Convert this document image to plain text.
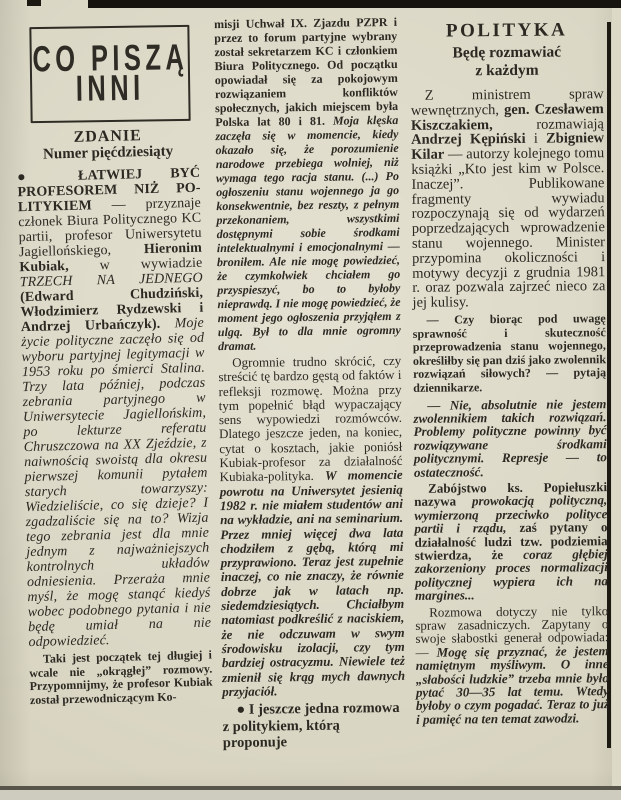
CO PISZĄ
INNI
ZDANIE
Numer pięćdziesiąty

● ŁATWIEJ BYĆ PROFESOREM NIŻ POLITYKIEM — przyznaje członek Biura Politycznego KC partii, profesor Uniwersytetu Jagiellońskiego, Hieronim Kubiak, w wywiadzie TRZECH NA JEDNEGO (Edward Chudziński, Włodzimierz Rydzewski i Andrzej Urbańczyk). Moje życie polityczne zaczęło się od wyboru partyjnej legitymacji w 1953 roku po śmierci Stalina. Trzy lata później, podczas zebrania partyjnego w Uniwersytecie Jagiellońskim, po lekturze referatu Chruszczowa na XX Zjeździe, z naiwnością swoistą dla okresu pierwszej komunii pytałem starych towarzyszy: Wiedzieliście, co się dzieje? I zgadzaliście się na to? Wizja tego zebrania jest dla mnie jednym z najważniejszych kontrolnych układów odniesienia. Przeraża mnie myśl, że mogę stanąć kiedyś wobec podobnego pytania i nie będę umiał na nie odpowiedzieć.

Taki jest początek tej długiej i wcale nie „okrągłej” rozmowy. Przypomnijmy, że profesor Kubiak został przewodniczącym Ko-

misji Uchwał IX. Zjazdu PZPR i przez to forum partyjne wybrany został sekretarzem KC i członkiem Biura Politycznego. Od początku opowiadał się za pokojowym rozwiązaniem konfliktów społecznych, jakich miejscem była Polska lat 80 i 81. Moja klęska zaczęła się w momencie, kiedy okazało się, że porozumienie narodowe przebiega wolniej, niż wymaga tego racja stanu. (...) Po ogłoszeniu stanu wojennego ja go konsekwentnie, bez reszty, z pełnym przekonaniem, wszystkimi dostępnymi sobie środkami intelektualnymi i emocjonalnymi — broniłem. Ale nie mogę powiedzieć, że czymkolwiek chciałem go przyspieszyć, bo to byłoby nieprawdą. I nie mogę powiedzieć, że moment jego ogłoszenia przyjąłem z ulgą. Był to dla mnie ogromny dramat.

Ogromnie trudno skrócić, czy streścić tę bardzo gęstą od faktów i refleksji rozmowę. Można przy tym popełnić błąd wypaczający sens wypowiedzi rozmówców. Dlatego jeszcze jeden, na koniec, cytat o kosztach, jakie poniósł Kubiak-profesor za działalność Kubiaka-polityka. W momencie powrotu na Uniwersytet jesienią 1982 r. nie miałem studentów ani na wykładzie, ani na seminarium. Przez mniej więcej dwa lata chodziłem z gębą, którą mi przyprawiono. Teraz jest zupełnie inaczej, co nie znaczy, że równie dobrze jak w latach np. siedemdziesiątych. Chciałbym natomiast podkreślić z naciskiem, że nie odczuwam w swym środowisku izolacji, czy tym bardziej ostracyzmu. Niewiele też zmienił się krąg mych dawnych przyjaciół.

● I jeszcze jedna rozmowa z politykiem, którą proponuje

POLITYKA
Będę rozmawiać
z każdym

Z ministrem spraw wewnętrznych, gen. Czesławem Kiszczakiem, rozmawiają Andrzej Kępiński i Zbigniew Kilar — autorzy kolejnego tomu książki „Kto jest kim w Polsce. Inaczej”. Publikowane fragmenty wywiadu rozpoczynają się od wydarzeń poprzedzających wprowadzenie stanu wojennego. Minister przypomina okoliczności i motywy decyzji z grudnia 1981 r. oraz pozwala zajrzeć nieco za jej kulisy.

— Czy biorąc pod uwagę sprawność i skuteczność przeprowadzenia stanu wojennego, określiłby się pan dziś jako zwolennik rozwiązań siłowych? — pytają dziennikarze.

— Nie, absolutnie nie jestem zwolennikiem takich rozwiązań. Problemy polityczne powinny być rozwiązywane środkami politycznymi. Represje — to ostateczność.

Zabójstwo ks. Popiełuszki nazywa prowokacją polityczną, wymierzoną przeciwko polityce partii i rządu, zaś pytany o działalność ludzi tzw. podziemia stwierdza, że coraz głębiej zakorzeniony proces normalizacji politycznej wypiera ich na margines...

Rozmowa dotyczy nie tylko spraw zasadniczych. Zapytany o swoje słabostki generał odpowiada: — Mogę się przyznać, że jestem namiętnym myśliwym. O inne „słabości ludzkie” trzeba mnie było pytać 30—35 lat temu. Wtedy byłoby o czym pogadać. Teraz to już i pamięć na ten temat zawodzi.
